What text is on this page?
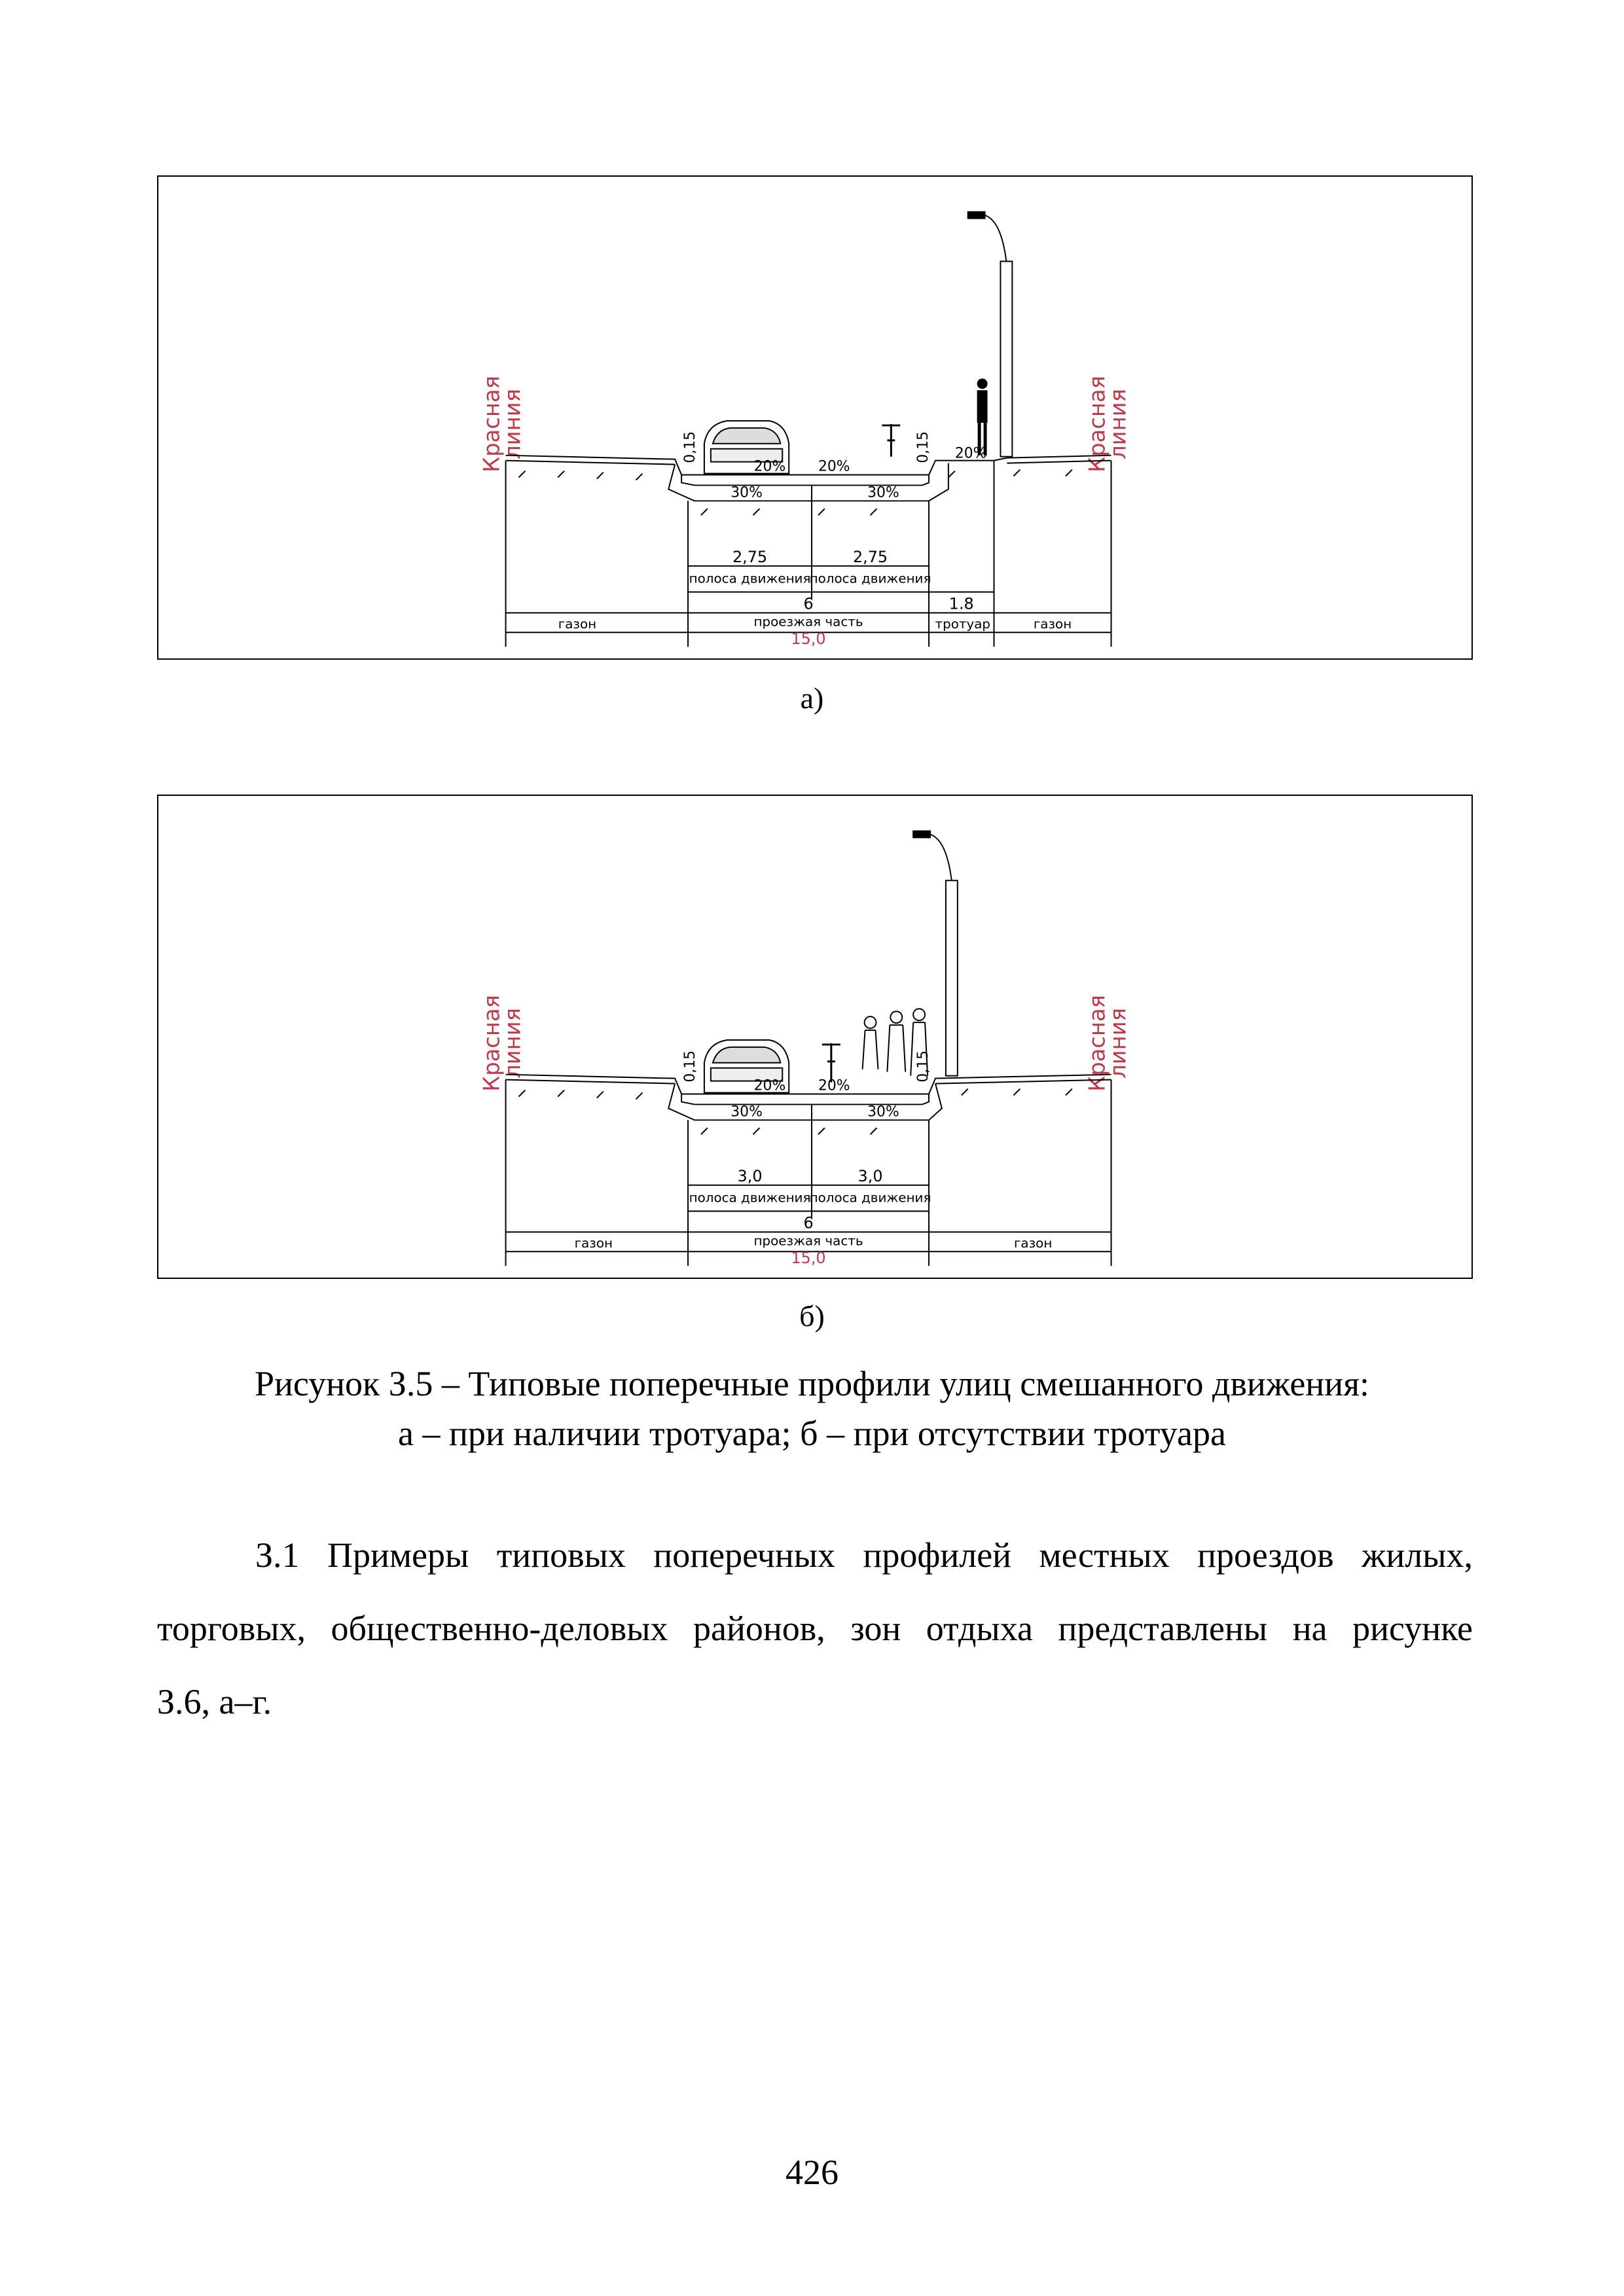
Красная
линия	Красная
линия
20% 20%
20%
30%	30%
0,15	0,15
2,75	2,75
полоса движения
полоса движения
6	1.8
газон	проезжая часть	тротуар	газон
15,0
а)
Красная
линия	Красная
линия
20% 20%
30%	30%
0,15	0,15
3,0	3,0
полоса движения
полоса движения
6
газон	проезжая часть	газон
15,0
б)
Рисунок З.5 – Типовые поперечные профили улиц смешанного движения:
а – при наличии тротуара; б – при отсутствии тротуара
З.1 Примеры типовых поперечных профилей местных проездов жилых,
торговых, общественно-деловых районов, зон отдыха представлены на рисунке
З.6, а–г.
426
